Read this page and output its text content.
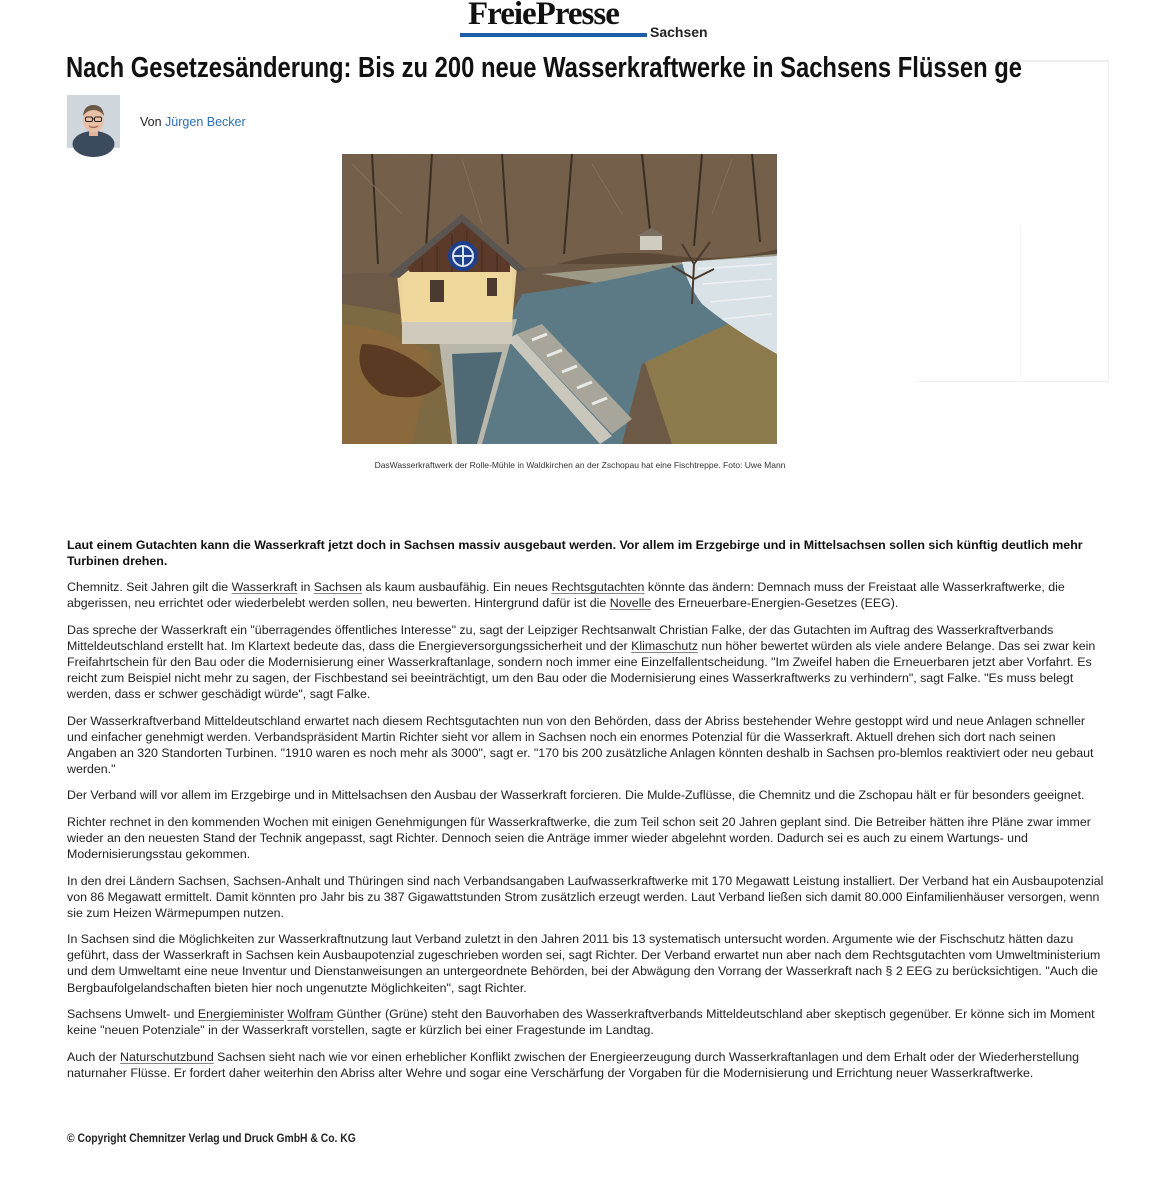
FreiePresse Sachsen
Nach Gesetzesänderung: Bis zu 200 neue Wasserkraftwerke in Sachsens Flüssen ge
Von Jürgen Becker
DasWasserkraftwerk der Rolle-Mühle in Waldkirchen an der Zschopau hat eine Fischtreppe. Foto: Uwe Mann

Laut einem Gutachten kann die Wasserkraft jetzt doch in Sachsen massiv ausgebaut werden. Vor allem im Erzgebirge und in Mittelsachsen sollen sich künftig deutlich mehr Turbinen drehen.

Chemnitz. Seit Jahren gilt die Wasserkraft in Sachsen als kaum ausbaufähig. Ein neues Rechtsgutachten könnte das ändern: Demnach muss der Freistaat alle Wasserkraftwerke, die abgerissen, neu errichtet oder wiederbelebt werden sollen, neu bewerten. Hintergrund dafür ist die Novelle des Erneuerbare-Energien-Gesetzes (EEG).

Das spreche der Wasserkraft ein "überragendes öffentliches Interesse" zu, sagt der Leipziger Rechtsanwalt Christian Falke, der das Gutachten im Auftrag des Wasserkraftverbands Mitteldeutschland erstellt hat. Im Klartext bedeute das, dass die Energieversorgungssicherheit und der Klimaschutz nun höher bewertet würden als viele andere Belange. Das sei zwar kein Freifahrtschein für den Bau oder die Modernisierung einer Wasserkraftanlage, sondern noch immer eine Einzelfallentscheidung. "Im Zweifel haben die Erneuerbaren jetzt aber Vorfahrt. Es reicht zum Beispiel nicht mehr zu sagen, der Fischbestand sei beeinträchtigt, um den Bau oder die Modernisierung eines Wasserkraftwerks zu verhindern", sagt Falke. "Es muss belegt werden, dass er schwer geschädigt würde", sagt Falke.

Der Wasserkraftverband Mitteldeutschland erwartet nach diesem Rechtsgutachten nun von den Behörden, dass der Abriss bestehender Wehre gestoppt wird und neue Anlagen schneller und einfacher genehmigt werden. Verbandspräsident Martin Richter sieht vor allem in Sachsen noch ein enormes Potenzial für die Wasserkraft. Aktuell drehen sich dort nach seinen Angaben an 320 Standorten Turbinen. "1910 waren es noch mehr als 3000", sagt er. "170 bis 200 zusätzliche Anlagen könnten deshalb in Sachsen pro-blemlos reaktiviert oder neu gebaut werden."

Der Verband will vor allem im Erzgebirge und in Mittelsachsen den Ausbau der Wasserkraft forcieren. Die Mulde-Zuflüsse, die Chemnitz und die Zschopau hält er für besonders geeignet.

Richter rechnet in den kommenden Wochen mit einigen Genehmigungen für Wasserkraftwerke, die zum Teil schon seit 20 Jahren geplant sind. Die Betreiber hätten ihre Pläne zwar immer wieder an den neuesten Stand der Technik angepasst, sagt Richter. Dennoch seien die Anträge immer wieder abgelehnt worden. Dadurch sei es auch zu einem Wartungs- und Modernisierungsstau gekommen.

In den drei Ländern Sachsen, Sachsen-Anhalt und Thüringen sind nach Verbandsangaben Laufwasserkraftwerke mit 170 Megawatt Leistung installiert. Der Verband hat ein Ausbaupotenzial von 86 Megawatt ermittelt. Damit könnten pro Jahr bis zu 387 Gigawattstunden Strom zusätzlich erzeugt werden. Laut Verband ließen sich damit 80.000 Einfamilienhäuser versorgen, wenn sie zum Heizen Wärmepumpen nutzen.

In Sachsen sind die Möglichkeiten zur Wasserkraftnutzung laut Verband zuletzt in den Jahren 2011 bis 13 systematisch untersucht worden. Argumente wie der Fischschutz hätten dazu geführt, dass der Wasserkraft in Sachsen kein Ausbaupotenzial zugeschrieben worden sei, sagt Richter. Der Verband erwartet nun aber nach dem Rechtsgutachten vom Umweltministerium und dem Umweltamt eine neue Inventur und Dienstanweisungen an untergeordnete Behörden, bei der Abwägung den Vorrang der Wasserkraft nach § 2 EEG zu berücksichtigen. "Auch die Bergbaufolgelandschaften bieten hier noch ungenutzte Möglichkeiten", sagt Richter.

Sachsens Umwelt- und Energieminister Wolfram Günther (Grüne) steht den Bauvorhaben des Wasserkraftverbands Mitteldeutschland aber skeptisch gegenüber. Er könne sich im Moment keine "neuen Potenziale" in der Wasserkraft vorstellen, sagte er kürzlich bei einer Fragestunde im Landtag.

Auch der Naturschutzbund Sachsen sieht nach wie vor einen erheblicher Konflikt zwischen der Energieerzeugung durch Wasserkraftanlagen und dem Erhalt oder der Wiederherstellung naturnaher Flüsse. Er fordert daher weiterhin den Abriss alter Wehre und sogar eine Verschärfung der Vorgaben für die Modernisierung und Errichtung neuer Wasserkraftwerke.

© Copyright Chemnitzer Verlag und Druck GmbH & Co. KG
